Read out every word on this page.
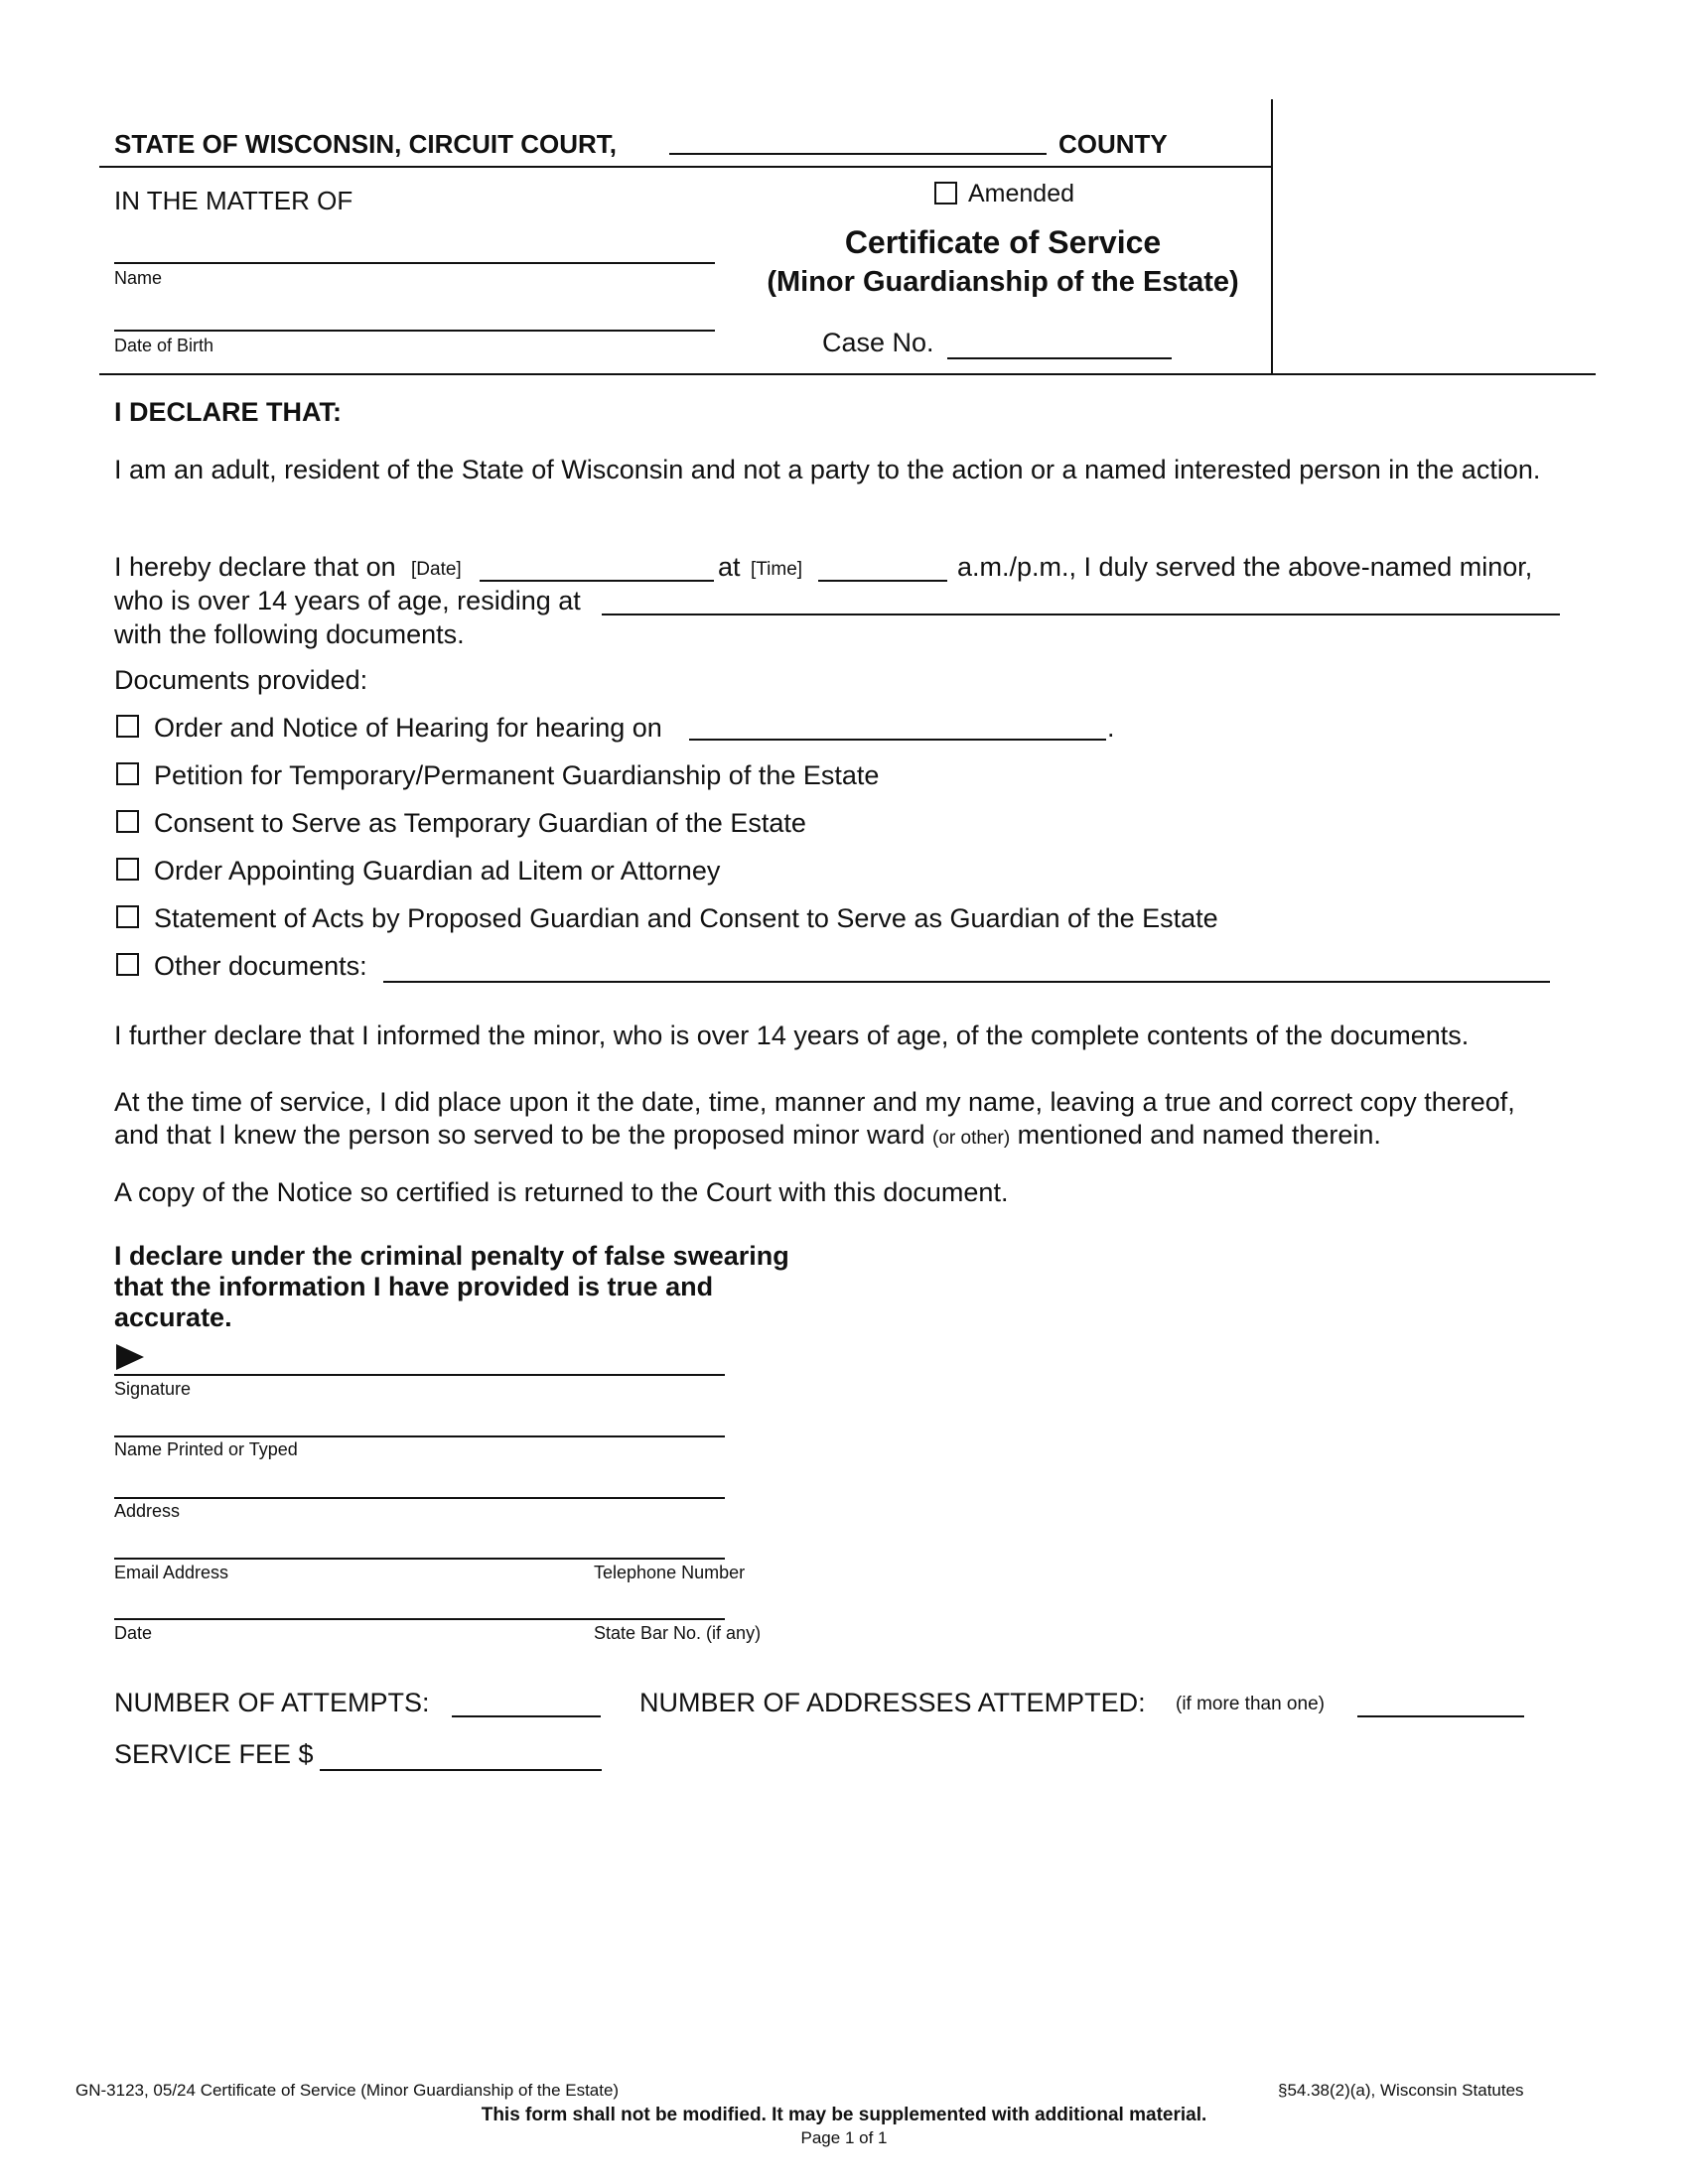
STATE OF WISCONSIN, CIRCUIT COURT,	COUNTY
IN THE MATTER OF
Name
Date of Birth
Amended
Certificate of Service
(Minor Guardianship of the Estate)
Case No.
I DECLARE THAT:
I am an adult, resident of the State of Wisconsin and not a party to the action or a named interested person in the action.
I hereby declare that on [Date]	at [Time]	a.m./p.m., I duly served the above-named minor,
who is over 14 years of age, residing at
with the following documents.
Documents provided:
Order and Notice of Hearing for hearing on	.
Petition for Temporary/Permanent Guardianship of the Estate
Consent to Serve as Temporary Guardian of the Estate
Order Appointing Guardian ad Litem or Attorney
Statement of Acts by Proposed Guardian and Consent to Serve as Guardian of the Estate
Other documents:
I further declare that I informed the minor, who is over 14 years of age, of the complete contents of the documents.
At the time of service, I did place upon it the date, time, manner and my name, leaving a true and correct copy thereof,
and that I knew the person so served to be the proposed minor ward (or other) mentioned and named therein.
A copy of the Notice so certified is returned to the Court with this document.
I declare under the criminal penalty of false swearing
that the information I have provided is true and
accurate.
Signature
Name Printed or Typed
Address
Email Address	Telephone Number
Date	State Bar No. (if any)
NUMBER OF ATTEMPTS:	NUMBER OF ADDRESSES ATTEMPTED: (if more than one)
SERVICE FEE $
GN-3123, 05/24 Certificate of Service (Minor Guardianship of the Estate)	§54.38(2)(a), Wisconsin Statutes
This form shall not be modified. It may be supplemented with additional material.
Page 1 of 1
